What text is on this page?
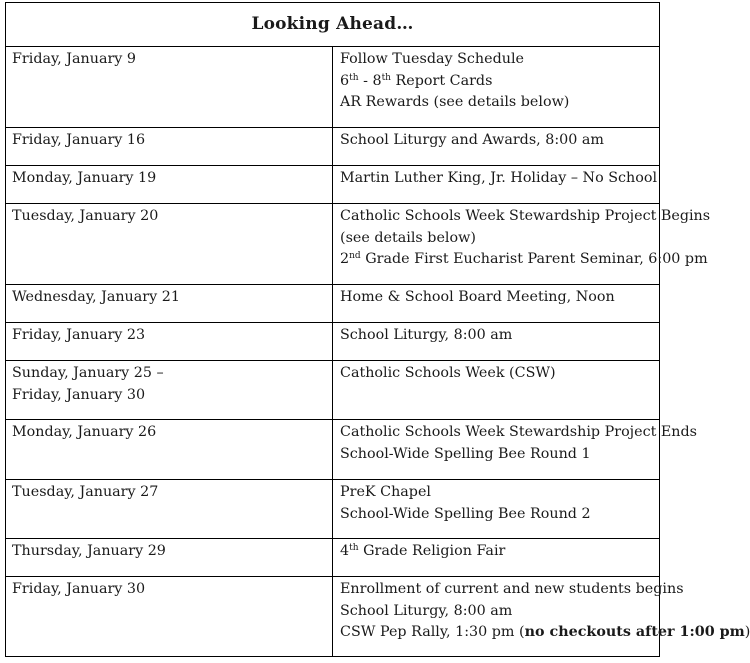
Looking Ahead…	
Friday, January 9	Follow Tuesday Schedule
6th - 8th Report Cards
AR Rewards (see details below)

Friday, January 16	School Liturgy and Awards, 8:00 am

Monday, January 19	Martin Luther King, Jr. Holiday – No School

Tuesday, January 20	Catholic Schools Week Stewardship Project Begins
(see details below)
2nd Grade First Eucharist Parent Seminar, 6:00 pm

Wednesday, January 21	Home & School Board Meeting, Noon

Friday, January 23	School Liturgy, 8:00 am

Sunday, January 25 –
Friday, January 30	Catholic Schools Week (CSW)

Monday, January 26	Catholic Schools Week Stewardship Project Ends
School-Wide Spelling Bee Round 1

Tuesday, January 27	PreK Chapel
School-Wide Spelling Bee Round 2

Thursday, January 29	4th Grade Religion Fair

Friday, January 30	Enrollment of current and new students begins
School Liturgy, 8:00 am
CSW Pep Rally, 1:30 pm (no checkouts after 1:00 pm)
